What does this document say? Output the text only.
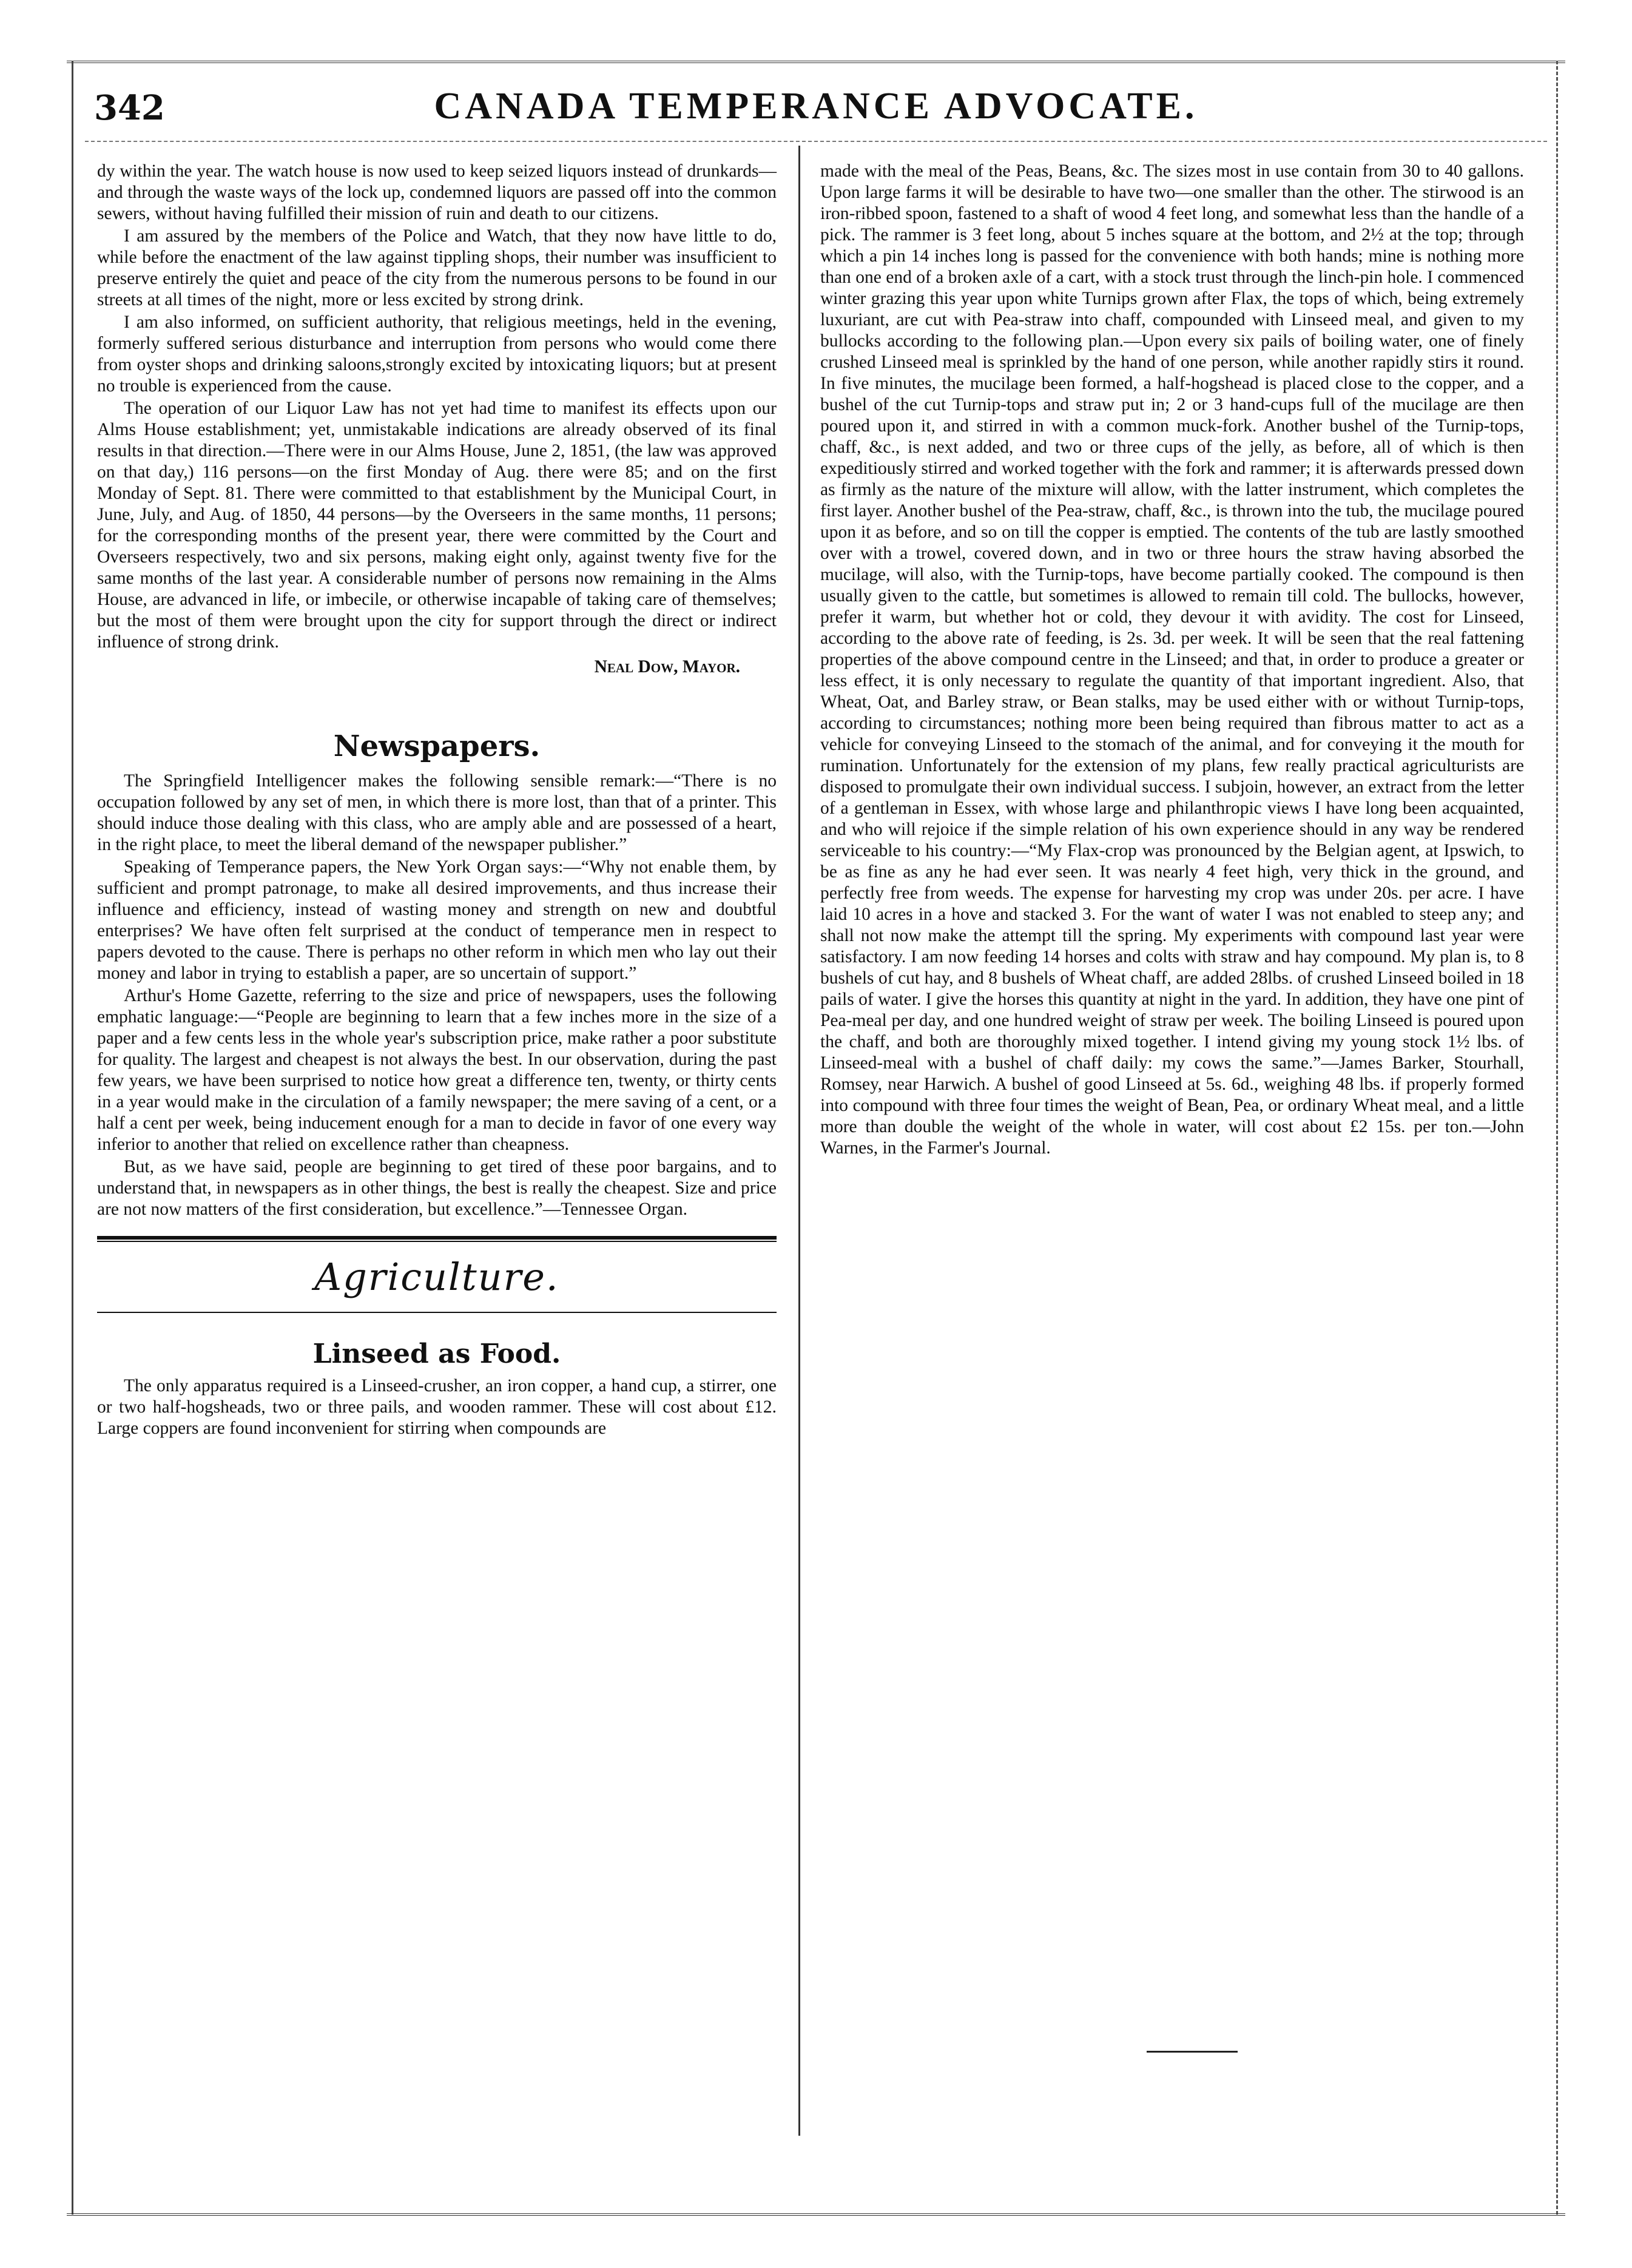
342	CANADA TEMPERANCE ADVOCATE.

dy within the year. The watch house is now used to keep seized liquors instead of drunkards—and through the waste ways of the lock up, condemned liquors are passed off into the common sewers, without having fulfilled their mission of ruin and death to our citizens.

I am assured by the members of the Police and Watch, that they now have little to do, while before the enactment of the law against tippling shops, their number was insufficient to preserve entirely the quiet and peace of the city from the numerous persons to be found in our streets at all times of the night, more or less excited by strong drink.

I am also informed, on sufficient authority, that religious meetings, held in the evening, formerly suffered serious disturbance and interruption from persons who would come there from oyster shops and drinking saloons,strongly excited by intoxicating liquors; but at present no trouble is experienced from the cause.

The operation of our Liquor Law has not yet had time to manifest its effects upon our Alms House establishment; yet, unmistakable indications are already observed of its final results in that direction.—There were in our Alms House, June 2, 1851, (the law was approved on that day,) 116 persons—on the first Monday of Aug. there were 85; and on the first Monday of Sept. 81. There were committed to that establishment by the Municipal Court, in June, July, and Aug. of 1850, 44 persons—by the Overseers in the same months, 11 persons; for the corresponding months of the present year, there were committed by the Court and Overseers respectively, two and six persons, making eight only, against twenty five for the same months of the last year. A considerable number of persons now remaining in the Alms House, are advanced in life, or imbecile, or otherwise incapable of taking care of themselves; but the most of them were brought upon the city for support through the direct or indirect influence of strong drink.

Neal Dow, Mayor.
Newspapers.

The Springfield Intelligencer makes the following sensible remark:—“There is no occupation followed by any set of men, in which there is more lost, than that of a printer. This should induce those dealing with this class, who are amply able and are possessed of a heart, in the right place, to meet the liberal demand of the newspaper publisher.”

Speaking of Temperance papers, the New York Organ says:—“Why not enable them, by sufficient and prompt patronage, to make all desired improvements, and thus increase their influence and efficiency, instead of wasting money and strength on new and doubtful enterprises? We have often felt surprised at the conduct of temperance men in respect to papers devoted to the cause. There is perhaps no other reform in which men who lay out their money and labor in trying to establish a paper, are so uncertain of support.”

Arthur's Home Gazette, referring to the size and price of newspapers, uses the following emphatic language:—“People are beginning to learn that a few inches more in the size of a paper and a few cents less in the whole year's subscription price, make rather a poor substitute for quality. The largest and cheapest is not always the best. In our observation, during the past few years, we have been surprised to notice how great a difference ten, twenty, or thirty cents in a year would make in the circulation of a family newspaper; the mere saving of a cent, or a half a cent per week, being inducement enough for a man to decide in favor of one every way inferior to another that relied on excellence rather than cheapness.

But, as we have said, people are beginning to get tired of these poor bargains, and to understand that, in newspapers as in other things, the best is really the cheapest. Size and price are not now matters of the first consideration, but excellence.”—Tennessee Organ.

Agriculture.
Linseed as Food.

The only apparatus required is a Linseed-crusher, an iron copper, a hand cup, a stirrer, one or two half-hogsheads, two or three pails, and wooden rammer. These will cost about £12. Large coppers are found inconvenient for stirring when compounds are

made with the meal of the Peas, Beans, &c. The sizes most in use contain from 30 to 40 gallons. Upon large farms it will be desirable to have two—one smaller than the other. The stirwood is an iron-ribbed spoon, fastened to a shaft of wood 4 feet long, and somewhat less than the handle of a pick. The rammer is 3 feet long, about 5 inches square at the bottom, and 2½ at the top; through which a pin 14 inches long is passed for the convenience with both hands; mine is nothing more than one end of a broken axle of a cart, with a stock trust through the linch-pin hole. I commenced winter grazing this year upon white Turnips grown after Flax, the tops of which, being extremely luxuriant, are cut with Pea-straw into chaff, compounded with Linseed meal, and given to my bullocks according to the following plan.—Upon every six pails of boiling water, one of finely crushed Linseed meal is sprinkled by the hand of one person, while another rapidly stirs it round. In five minutes, the mucilage been formed, a half-hogshead is placed close to the copper, and a bushel of the cut Turnip-tops and straw put in; 2 or 3 hand-cups full of the mucilage are then poured upon it, and stirred in with a common muck-fork. Another bushel of the Turnip-tops, chaff, &c., is next added, and two or three cups of the jelly, as before, all of which is then expeditiously stirred and worked together with the fork and rammer; it is afterwards pressed down as firmly as the nature of the mixture will allow, with the latter instrument, which completes the first layer. Another bushel of the Pea-straw, chaff, &c., is thrown into the tub, the mucilage poured upon it as before, and so on till the copper is emptied. The contents of the tub are lastly smoothed over with a trowel, covered down, and in two or three hours the straw having absorbed the mucilage, will also, with the Turnip-tops, have become partially cooked. The compound is then usually given to the cattle, but sometimes is allowed to remain till cold. The bullocks, however, prefer it warm, but whether hot or cold, they devour it with avidity. The cost for Linseed, according to the above rate of feeding, is 2s. 3d. per week. It will be seen that the real fattening properties of the above compound centre in the Linseed; and that, in order to produce a greater or less effect, it is only necessary to regulate the quantity of that important ingredient. Also, that Wheat, Oat, and Barley straw, or Bean stalks, may be used either with or without Turnip-tops, according to circumstances; nothing more been being required than fibrous matter to act as a vehicle for conveying Linseed to the stomach of the animal, and for conveying it the mouth for rumination. Unfortunately for the extension of my plans, few really practical agriculturists are disposed to promulgate their own individual success. I subjoin, however, an extract from the letter of a gentleman in Essex, with whose large and philanthropic views I have long been acquainted, and who will rejoice if the simple relation of his own experience should in any way be rendered serviceable to his country:—“My Flax-crop was pronounced by the Belgian agent, at Ipswich, to be as fine as any he had ever seen. It was nearly 4 feet high, very thick in the ground, and perfectly free from weeds. The expense for harvesting my crop was under 20s. per acre. I have laid 10 acres in a hove and stacked 3. For the want of water I was not enabled to steep any; and shall not now make the attempt till the spring. My experiments with compound last year were satisfactory. I am now feeding 14 horses and colts with straw and hay compound. My plan is, to 8 bushels of cut hay, and 8 bushels of Wheat chaff, are added 28lbs. of crushed Linseed boiled in 18 pails of water. I give the horses this quantity at night in the yard. In addition, they have one pint of Pea-meal per day, and one hundred weight of straw per week. The boiling Linseed is poured upon the chaff, and both are thoroughly mixed together. I intend giving my young stock 1½ lbs. of Linseed-meal with a bushel of chaff daily: my cows the same.”—James Barker, Stourhall, Romsey, near Harwich. A bushel of good Linseed at 5s. 6d., weighing 48 lbs. if properly formed into compound with three four times the weight of Bean, Pea, or ordinary Wheat meal, and a little more than double the weight of the whole in water, will cost about £2 15s. per ton.—John Warnes, in the Farmer's Journal.
